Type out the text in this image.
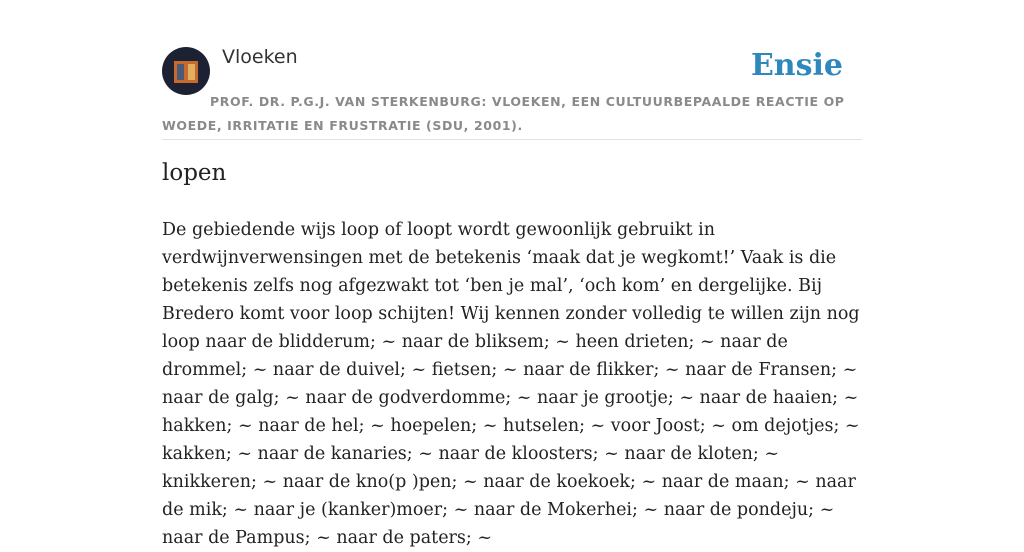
Vloeken	Ensie

PROF. DR. P.G.J. VAN STERKENBURG: VLOEKEN, EEN CULTUURBEPAALDE REACTIE OP WOEDE, IRRITATIE EN FRUSTRATIE (SDU, 2001).

lopen

De gebiedende wijs loop of loopt wordt gewoonlijk gebruikt in verdwijnverwensingen met de betekenis ‘maak dat je wegkomt!’ Vaak is die betekenis zelfs nog afgezwakt tot ‘ben je mal’, ‘och kom’ en dergelijke. Bij Bredero komt voor loop schijten! Wij kennen zonder volledig te willen zijn nog loop naar de blidderum; ~ naar de bliksem; ~ heen drieten; ~ naar de drommel; ~ naar de duivel; ~ fietsen; ~ naar de flikker; ~ naar de Fransen; ~ naar de galg; ~ naar de godverdomme; ~ naar je grootje; ~ naar de haaien; ~ hakken; ~ naar de hel; ~ hoepelen; ~ hutselen; ~ voor Joost; ~ om dejotjes; ~ kakken; ~ naar de kanaries; ~ naar de kloosters; ~ naar de kloten; ~ knikkeren; ~ naar de kno(p )pen; ~ naar de koekoek; ~ naar de maan; ~ naar de mik; ~ naar je (kanker)moer; ~ naar de Mokerhei; ~ naar de pondeju; ~ naar de Pampus; ~ naar de paters; ~
